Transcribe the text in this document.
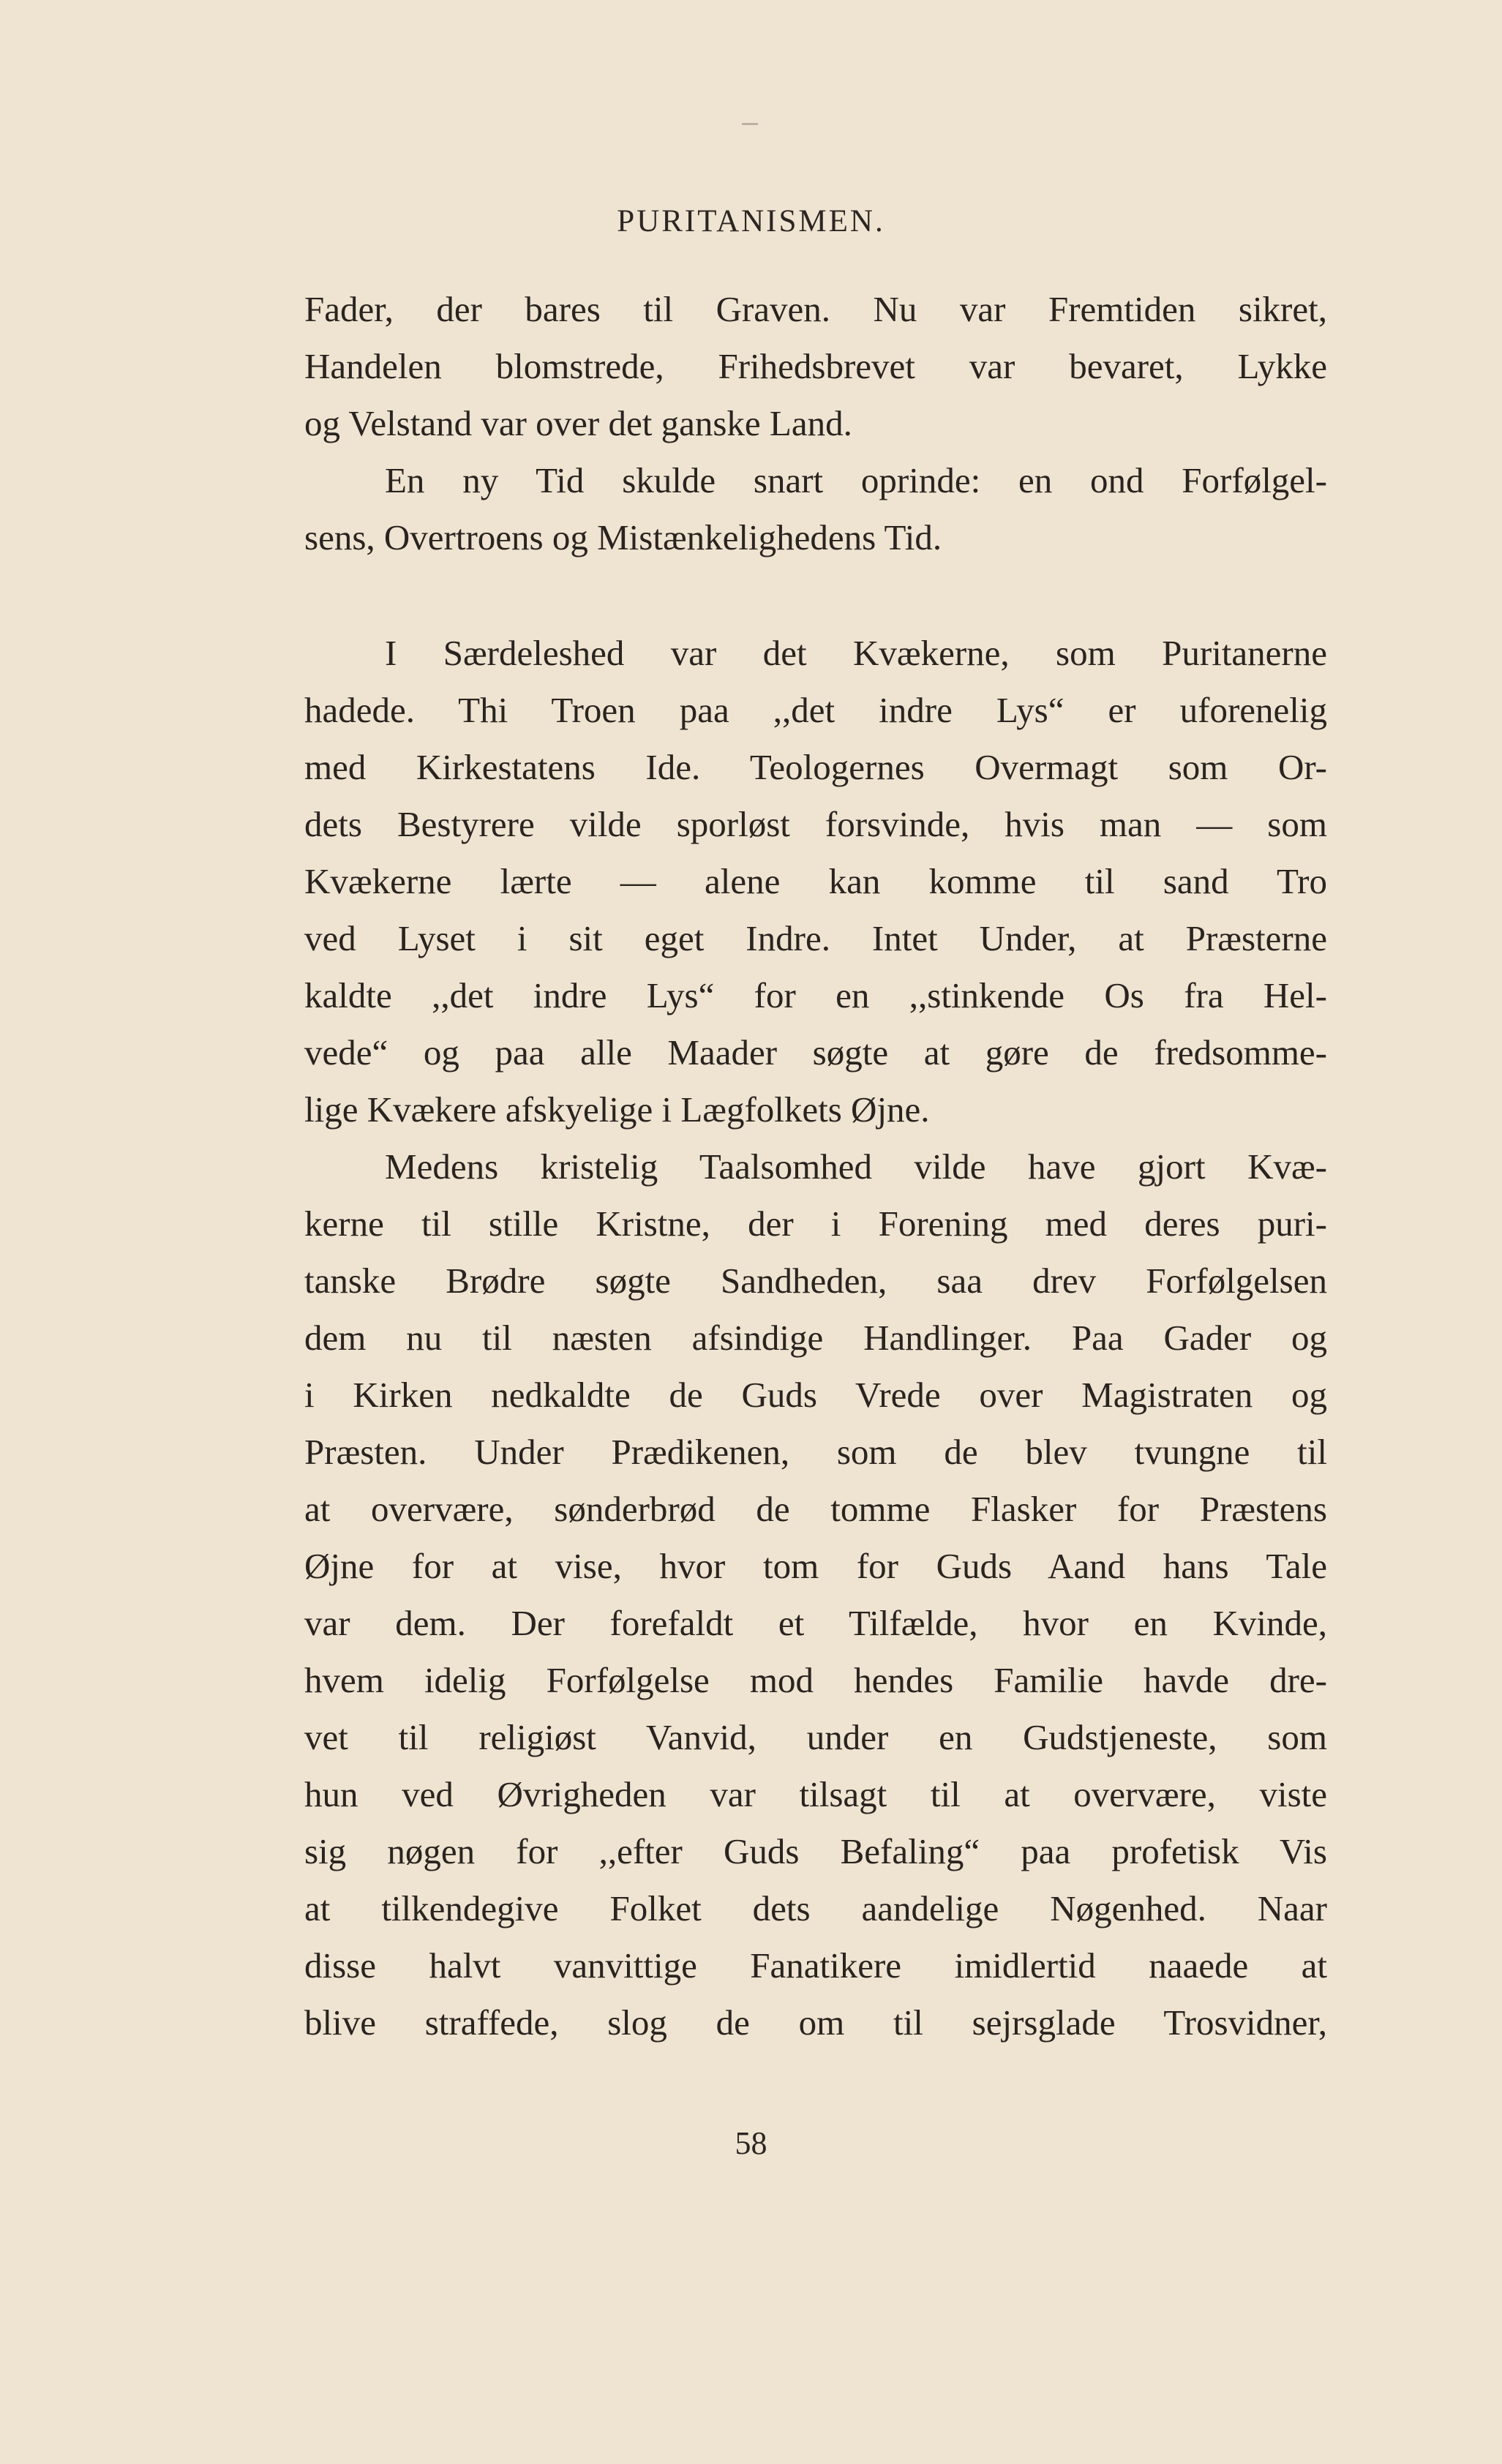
PURITANISMEN.
Fader, der bares til Graven. Nu var Fremtiden sikret,
Handelen blomstrede, Frihedsbrevet var bevaret, Lykke
og Velstand var over det ganske Land.
En ny Tid skulde snart oprinde: en ond Forfølgel-
sens, Overtroens og Mistænkelighedens Tid.
I Særdeleshed var det Kvækerne, som Puritanerne
hadede. Thi Troen paa ,,det indre Lys“ er uforenelig
med Kirkestatens Ide. Teologernes Overmagt som Or-
dets Bestyrere vilde sporløst forsvinde, hvis man — som
Kvækerne lærte — alene kan komme til sand Tro
ved Lyset i sit eget Indre. Intet Under, at Præsterne
kaldte ,,det indre Lys“ for en ,,stinkende Os fra Hel-
vede“ og paa alle Maader søgte at gøre de fredsomme-
lige Kvækere afskyelige i Lægfolkets Øjne.
Medens kristelig Taalsomhed vilde have gjort Kvæ-
kerne til stille Kristne, der i Forening med deres puri-
tanske Brødre søgte Sandheden, saa drev Forfølgelsen
dem nu til næsten afsindige Handlinger. Paa Gader og
i Kirken nedkaldte de Guds Vrede over Magistraten og
Præsten. Under Prædikenen, som de blev tvungne til
at overvære, sønderbrød de tomme Flasker for Præstens
Øjne for at vise, hvor tom for Guds Aand hans Tale
var dem. Der forefaldt et Tilfælde, hvor en Kvinde,
hvem idelig Forfølgelse mod hendes Familie havde dre-
vet til religiøst Vanvid, under en Gudstjeneste, som
hun ved Øvrigheden var tilsagt til at overvære, viste
sig nøgen for ,,efter Guds Befaling“ paa profetisk Vis
at tilkendegive Folket dets aandelige Nøgenhed. Naar
disse halvt vanvittige Fanatikere imidlertid naaede at
blive straffede, slog de om til sejrsglade Trosvidner,
58
